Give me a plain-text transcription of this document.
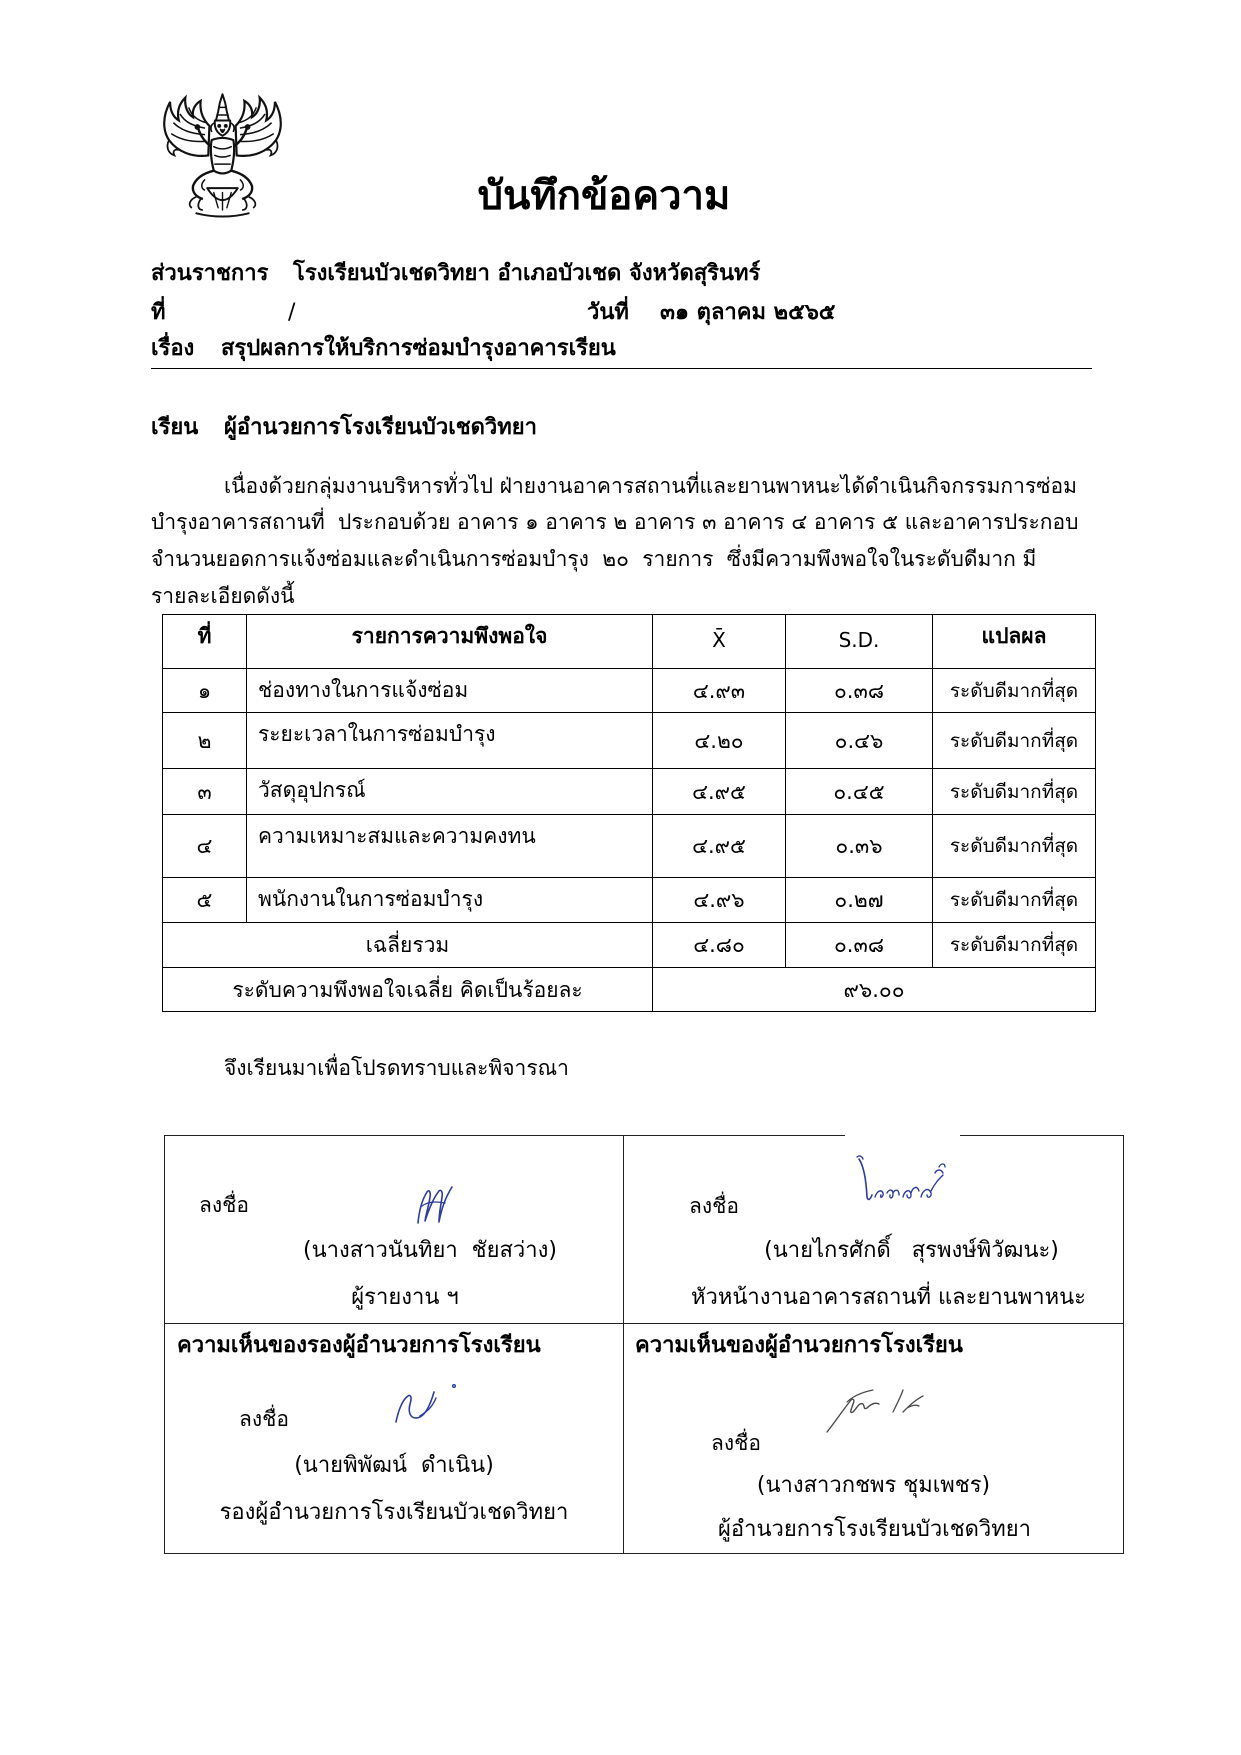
บันทึกข้อความ
ส่วนราชการ โรงเรียนบัวเชดวิทยา อำเภอบัวเชด จังหวัดสุรินทร์
ที่	/	วันที่ ๓๑ ตุลาคม ๒๕๖๕
เรื่อง สรุปผลการให้บริการซ่อมบำรุงอาคารเรียน
เรียน ผู้อำนวยการโรงเรียนบัวเชดวิทยา
เนื่องด้วยกลุ่มงานบริหารทั่วไป ฝ่ายงานอาคารสถานที่และยานพาหนะได้ดำเนินกิจกรรมการซ่อม
บำรุงอาคารสถานที่  ประกอบด้วย อาคาร ๑ อาคาร ๒ อาคาร ๓ อาคาร ๔ อาคาร ๕ และอาคารประกอบ
จำนวนยอดการแจ้งซ่อมและดำเนินการซ่อมบำรุง  ๒๐  รายการ  ซึ่งมีความพึงพอใจในระดับดีมาก มี
รายละเอียดดังนี้
ที่	รายการความพึงพอใจ	X̄	S.D.	แปลผล
๑	ช่องทางในการแจ้งซ่อม	๔.๙๓	๐.๓๘	ระดับดีมากที่สุด
๒	ระยะเวลาในการซ่อมบำรุง	๔.๒๐	๐.๔๖	ระดับดีมากที่สุด
๓	วัสดุอุปกรณ์	๔.๙๕	๐.๔๕	ระดับดีมากที่สุด
๔	ความเหมาะสมและความคงทน	๔.๙๕	๐.๓๖	ระดับดีมากที่สุด
๕	พนักงานในการซ่อมบำรุง	๔.๙๖	๐.๒๗	ระดับดีมากที่สุด
เฉลี่ยรวม		๔.๘๐	๐.๓๘	ระดับดีมากที่สุด
ระดับความพึงพอใจเฉลี่ย คิดเป็นร้อยละ		๙๖.๐๐		
จึงเรียนมาเพื่อโปรดทราบและพิจารณา
ลงชื่อ
(นางสาวนันทิยา  ชัยสว่าง)
ผู้รายงาน ฯ
ลงชื่อ
(นายไกรศักดิ์   สุรพงษ์พิวัฒนะ)
หัวหน้างานอาคารสถานที่ และยานพาหนะ
ความเห็นของรองผู้อำนวยการโรงเรียน
ลงชื่อ
(นายพิพัฒน์  ดำเนิน)
รองผู้อำนวยการโรงเรียนบัวเชดวิทยา
ความเห็นของผู้อำนวยการโรงเรียน
ลงชื่อ
(นางสาวกชพร ชุมเพชร)
ผู้อำนวยการโรงเรียนบัวเชดวิทยา
